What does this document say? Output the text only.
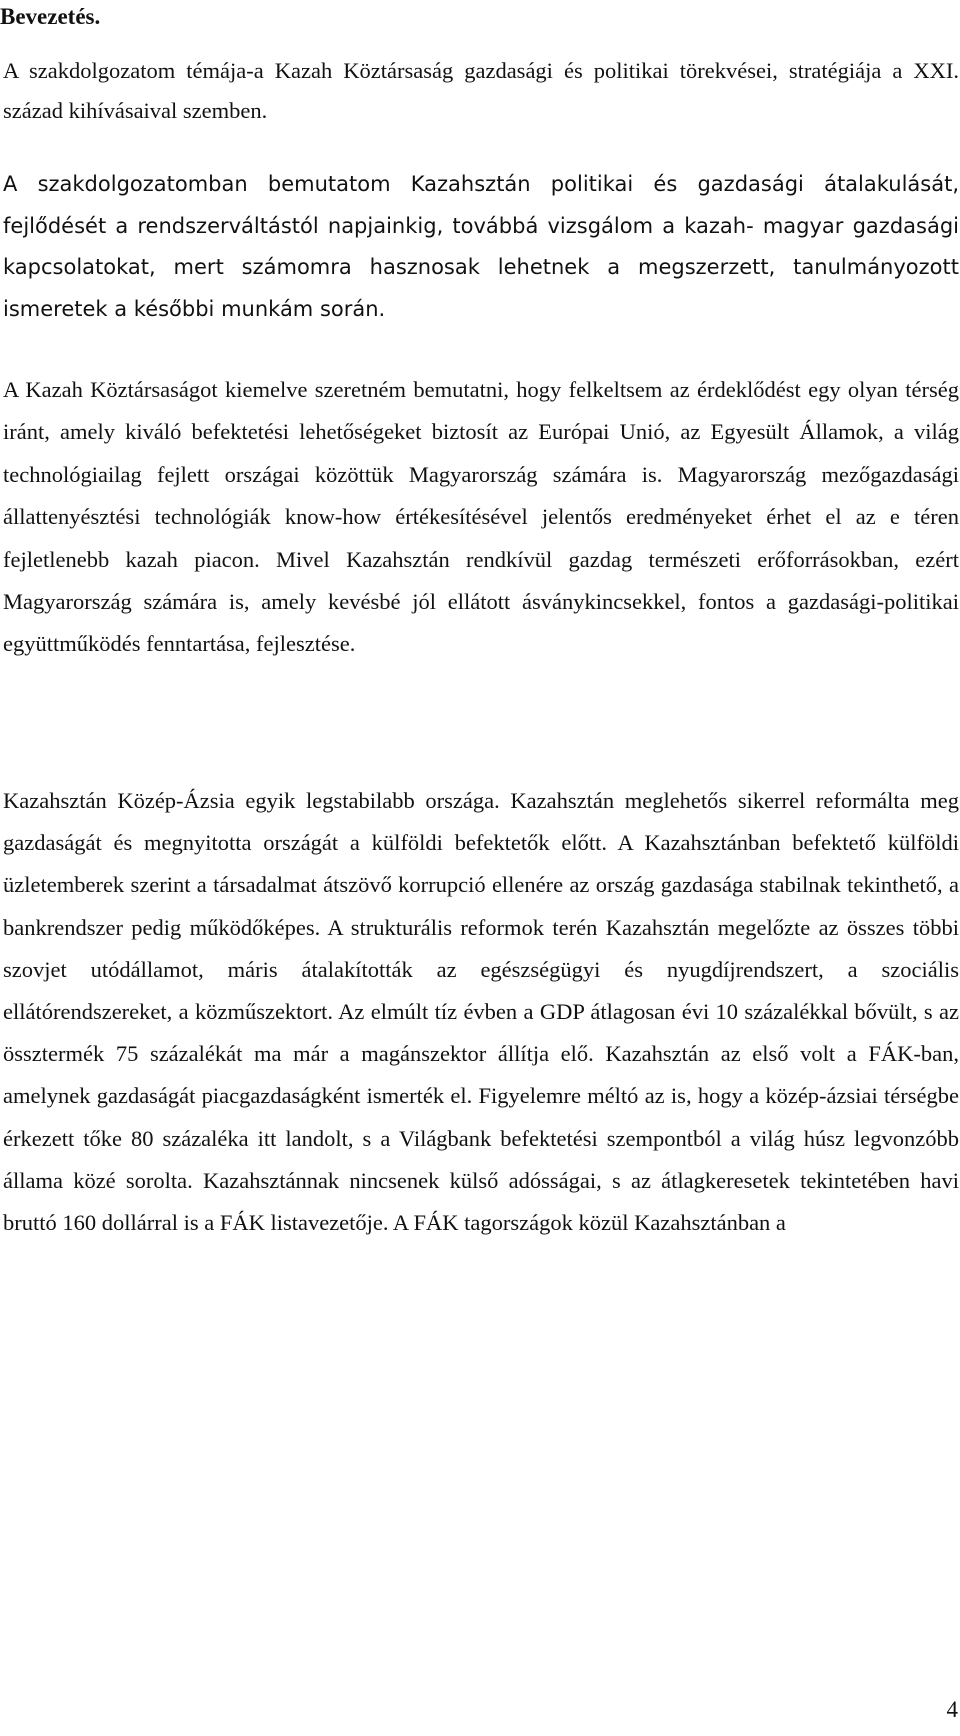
Bevezetés.

A szakdolgozatom témája-a Kazah Köztársaság gazdasági és politikai törekvései, stratégiája a XXI. század kihívásaival szemben.

A szakdolgozatomban bemutatom Kazahsztán politikai és gazdasági átalakulását, fejlődését a rendszerváltástól napjainkig, továbbá vizsgálom a kazah- magyar gazdasági kapcsolatokat, mert számomra hasznosak lehetnek a megszerzett, tanulmányozott ismeretek a későbbi munkám során.

A Kazah Köztársaságot kiemelve szeretném bemutatni, hogy felkeltsem az érdeklődést egy olyan térség iránt, amely kiváló befektetési lehetőségeket biztosít az Európai Unió, az Egyesült Államok, a világ technológiailag fejlett országai közöttük Magyarország számára is. Magyarország mezőgazdasági állattenyésztési technológiák know-how értékesítésével jelentős eredményeket érhet el az e téren fejletlenebb kazah piacon. Mivel Kazahsztán rendkívül gazdag természeti erőforrásokban, ezért Magyarország számára is, amely kevésbé jól ellátott ásványkincsekkel, fontos a gazdasági-politikai együttműködés fenntartása, fejlesztése.

Kazahsztán Közép-Ázsia egyik legstabilabb országa. Kazahsztán meglehetős sikerrel reformálta meg gazdaságát és megnyitotta országát a külföldi befektetők előtt. A Kazahsztánban befektető külföldi üzletemberek szerint a társadalmat átszövő korrupció ellenére az ország gazdasága stabilnak tekinthető, a bankrendszer pedig működőképes. A strukturális reformok terén Kazahsztán megelőzte az összes többi szovjet utódállamot, máris átalakították az egészségügyi és nyugdíjrendszert, a szociális ellátórendszereket, a közműszektort. Az elmúlt tíz évben a GDP átlagosan évi 10 százalékkal bővült, s az össztermék 75 százalékát ma már a magánszektor állítja elő. Kazahsztán az első volt a FÁK-ban, amelynek gazdaságát piacgazdaságként ismerték el. Figyelemre méltó az is, hogy a közép-ázsiai térségbe érkezett tőke 80 százaléka itt landolt, s a Világbank befektetési szempontból a világ húsz legvonzóbb állama közé sorolta. Kazahsztánnak nincsenek külső adósságai, s az átlagkeresetek tekintetében havi bruttó 160 dollárral is a FÁK listavezetője. A FÁK tagországok közül Kazahsztánban a

4
